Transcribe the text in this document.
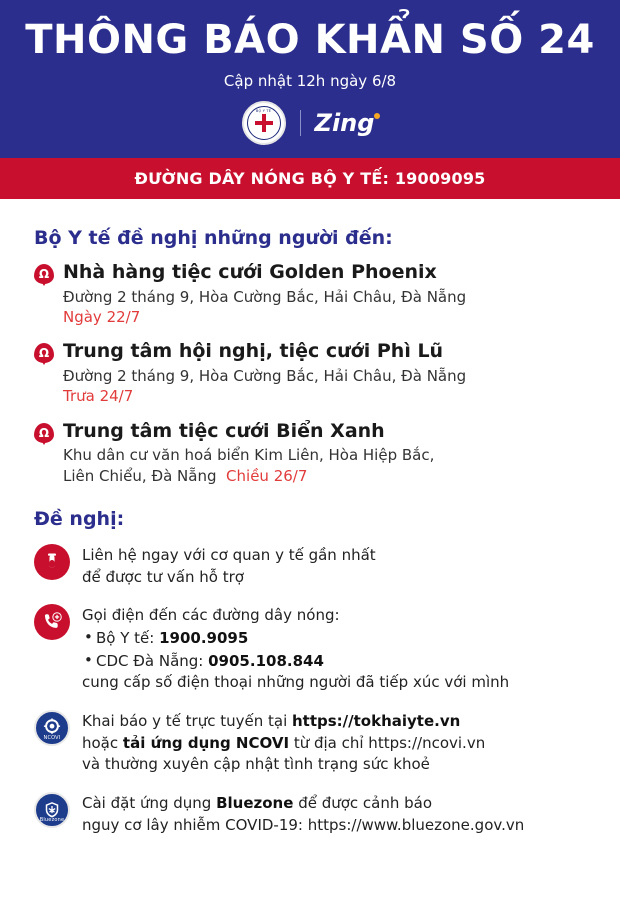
THÔNG BÁO KHẨN SỐ 24
Cập nhật 12h ngày 6/8
BỘ Y TẾ	Zing
ĐƯỜNG DÂY NÓNG BỘ Y TẾ: 19009095
Bộ Y tế đề nghị những người đến:
Ω Nhà hàng tiệc cưới Golden Phoenix
Đường 2 tháng 9, Hòa Cường Bắc, Hải Châu, Đà Nẵng
Ngày 22/7
Ω Trung tâm hội nghị, tiệc cưới Phì Lũ
Đường 2 tháng 9, Hòa Cường Bắc, Hải Châu, Đà Nẵng
Trưa 24/7
Ω Trung tâm tiệc cưới Biển Xanh
Khu dân cư văn hoá biển Kim Liên, Hòa Hiệp Bắc,
Liên Chiểu, Đà Nẵng Chiều 26/7
Đề nghị:
Liên hệ ngay với cơ quan y tế gần nhất
để được tư vấn hỗ trợ
Gọi điện đến các đường dây nóng:
• Bộ Y tế: 1900.9095
• CDC Đà Nẵng: 0905.108.844
cung cấp số điện thoại những người đã tiếp xúc với mình
NCOVI
Khai báo y tế trực tuyến tại https://tokhaiyte.vn
hoặc tải ứng dụng NCOVI từ địa chỉ https://ncovi.vn
và thường xuyên cập nhật tình trạng sức khoẻ
Bluezone
Cài đặt ứng dụng Bluezone để được cảnh báo
nguy cơ lây nhiễm COVID-19: https://www.bluezone.gov.vn
